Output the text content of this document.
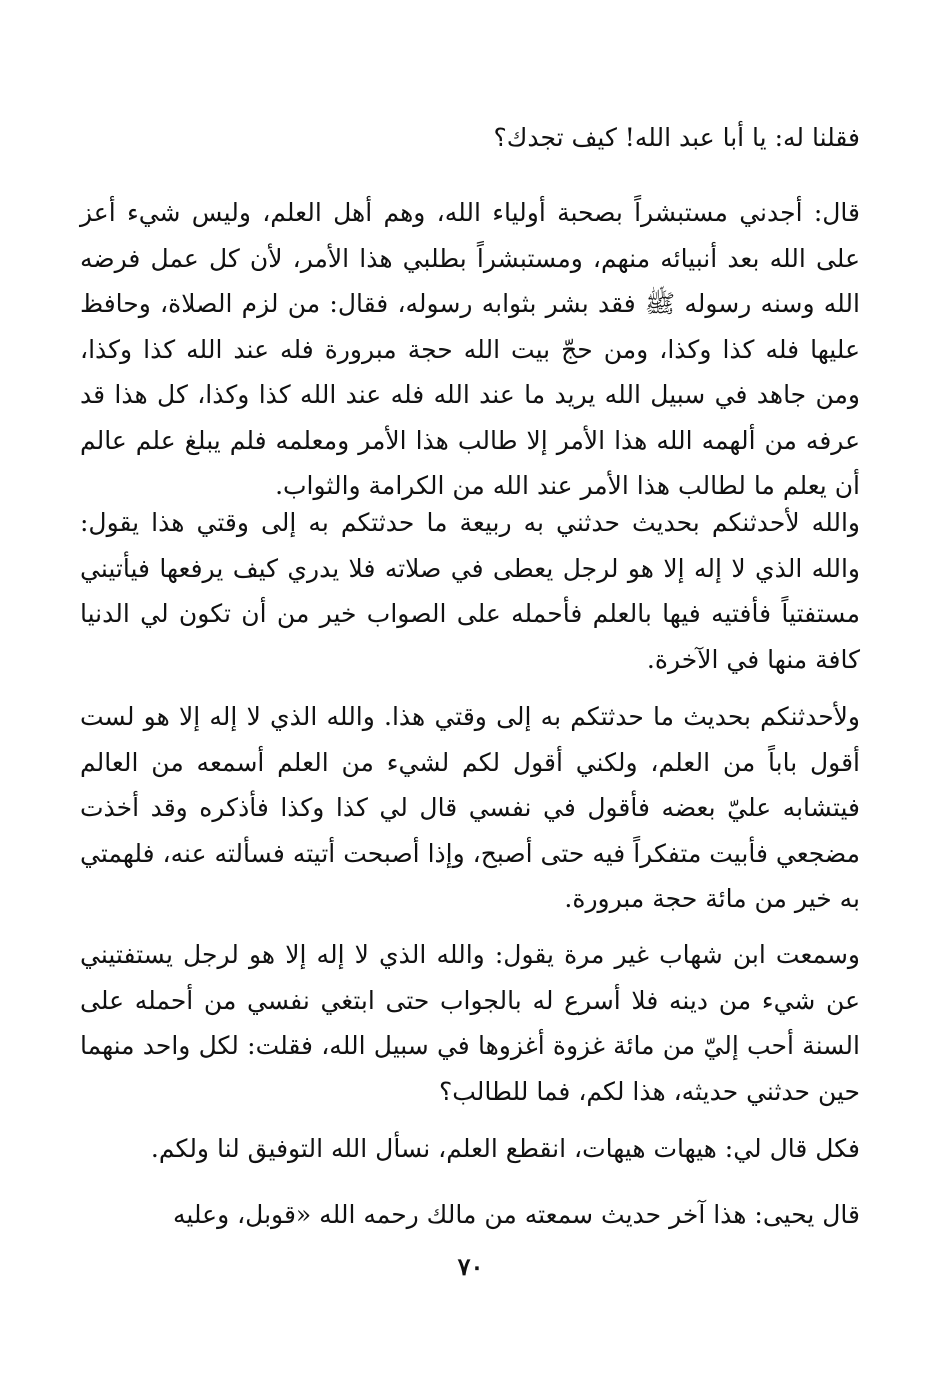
فقلنا له: يا أبا عبد الله! كيف تجدك؟

قال: أجدني مستبشراً بصحبة أولياء الله، وهم أهل العلم، وليس شيء أعز على الله بعد أنبيائه منهم، ومستبشراً بطلبي هذا الأمر، لأن كل عمل فرضه الله وسنه رسوله ﷺ فقد بشر بثوابه رسوله، فقال: من لزم الصلاة، وحافظ عليها فله كذا وكذا، ومن حجّ بيت الله حجة مبرورة فله عند الله كذا وكذا، ومن جاهد في سبيل الله يريد ما عند الله فله عند الله كذا وكذا، كل هذا قد عرفه من ألهمه الله هذا الأمر إلا طالب هذا الأمر ومعلمه فلم يبلغ علم عالم أن يعلم ما لطالب هذا الأمر عند الله من الكرامة والثواب.

والله لأحدثنكم بحديث حدثني به ربيعة ما حدثتكم به إلى وقتي هذا يقول: والله الذي لا إله إلا هو لرجل يعطى في صلاته فلا يدري كيف يرفعها فيأتيني مستفتياً فأفتيه فيها بالعلم فأحمله على الصواب خير من أن تكون لي الدنيا كافة منها في الآخرة.

ولأحدثنكم بحديث ما حدثتكم به إلى وقتي هذا. والله الذي لا إله إلا هو لست أقول باباً من العلم، ولكني أقول لكم لشيء من العلم أسمعه من العالم فيتشابه عليّ بعضه فأقول في نفسي قال لي كذا وكذا فأذكره وقد أخذت مضجعي فأبيت متفكراً فيه حتى أصبح، وإذا أصبحت أتيته فسألته عنه، فلهمتي به خير من مائة حجة مبرورة.

وسمعت ابن شهاب غير مرة يقول: والله الذي لا إله إلا هو لرجل يستفتيني عن شيء من دينه فلا أسرع له بالجواب حتى ابتغي نفسي من أحمله على السنة أحب إليّ من مائة غزوة أغزوها في سبيل الله، فقلت: لكل واحد منهما حين حدثني حديثه، هذا لكم، فما للطالب؟

فكل قال لي: هيهات هيهات، انقطع العلم، نسأل الله التوفيق لنا ولكم.

قال يحيى: هذا آخر حديث سمعته من مالك رحمه الله «قوبل، وعليه

٧٠
